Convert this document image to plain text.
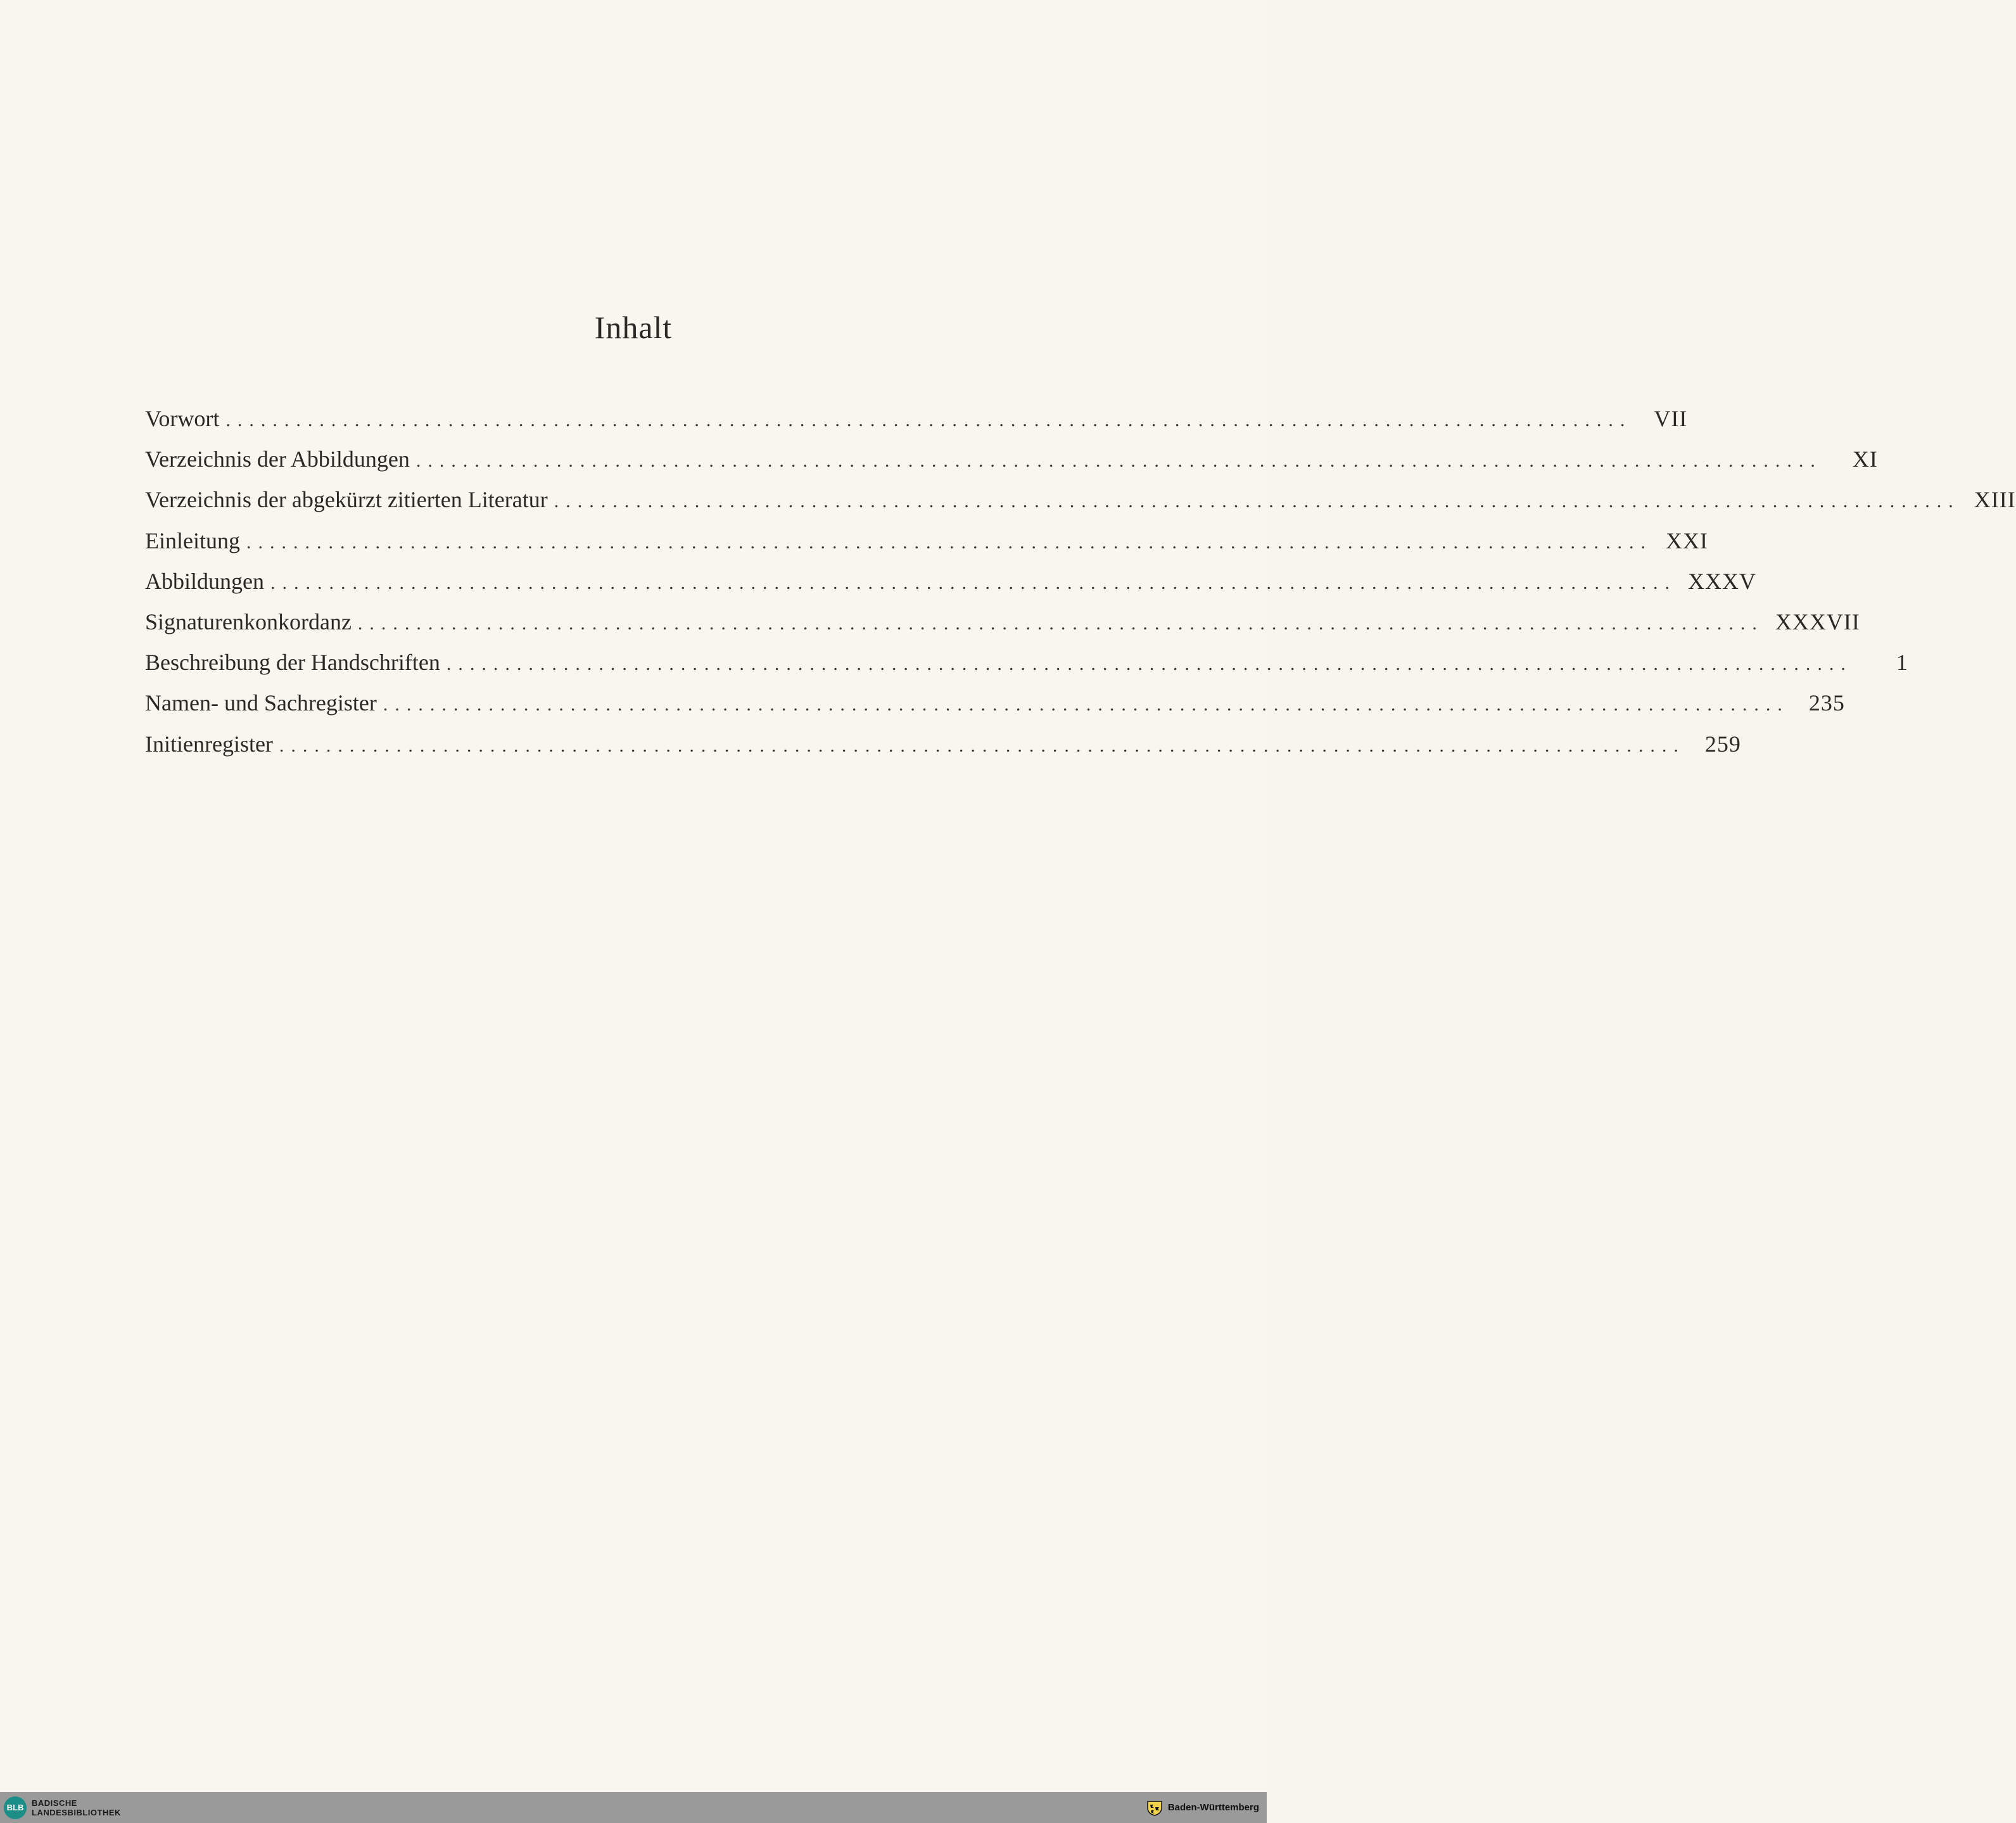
Inhalt
Vorwort ........................................................................................................................ VII
Verzeichnis der Abbildungen ........................................................................................................................	XI
Verzeichnis der abgekürzt zitierten Literatur ........................................................................................................................ XIII
Einleitung ........................................................................................................................ XXI
Abbildungen ........................................................................................................................ XXXV
Signaturenkonkordanz ........................................................................................................................ XXXVII
Beschreibung der Handschriften ........................................................................................................................	1
Namen- und Sachregister ........................................................................................................................ 235
Initienregister ........................................................................................................................ 259
BLB BADISCHE
LANDESBIBLIOTHEK	Baden-Württemberg
